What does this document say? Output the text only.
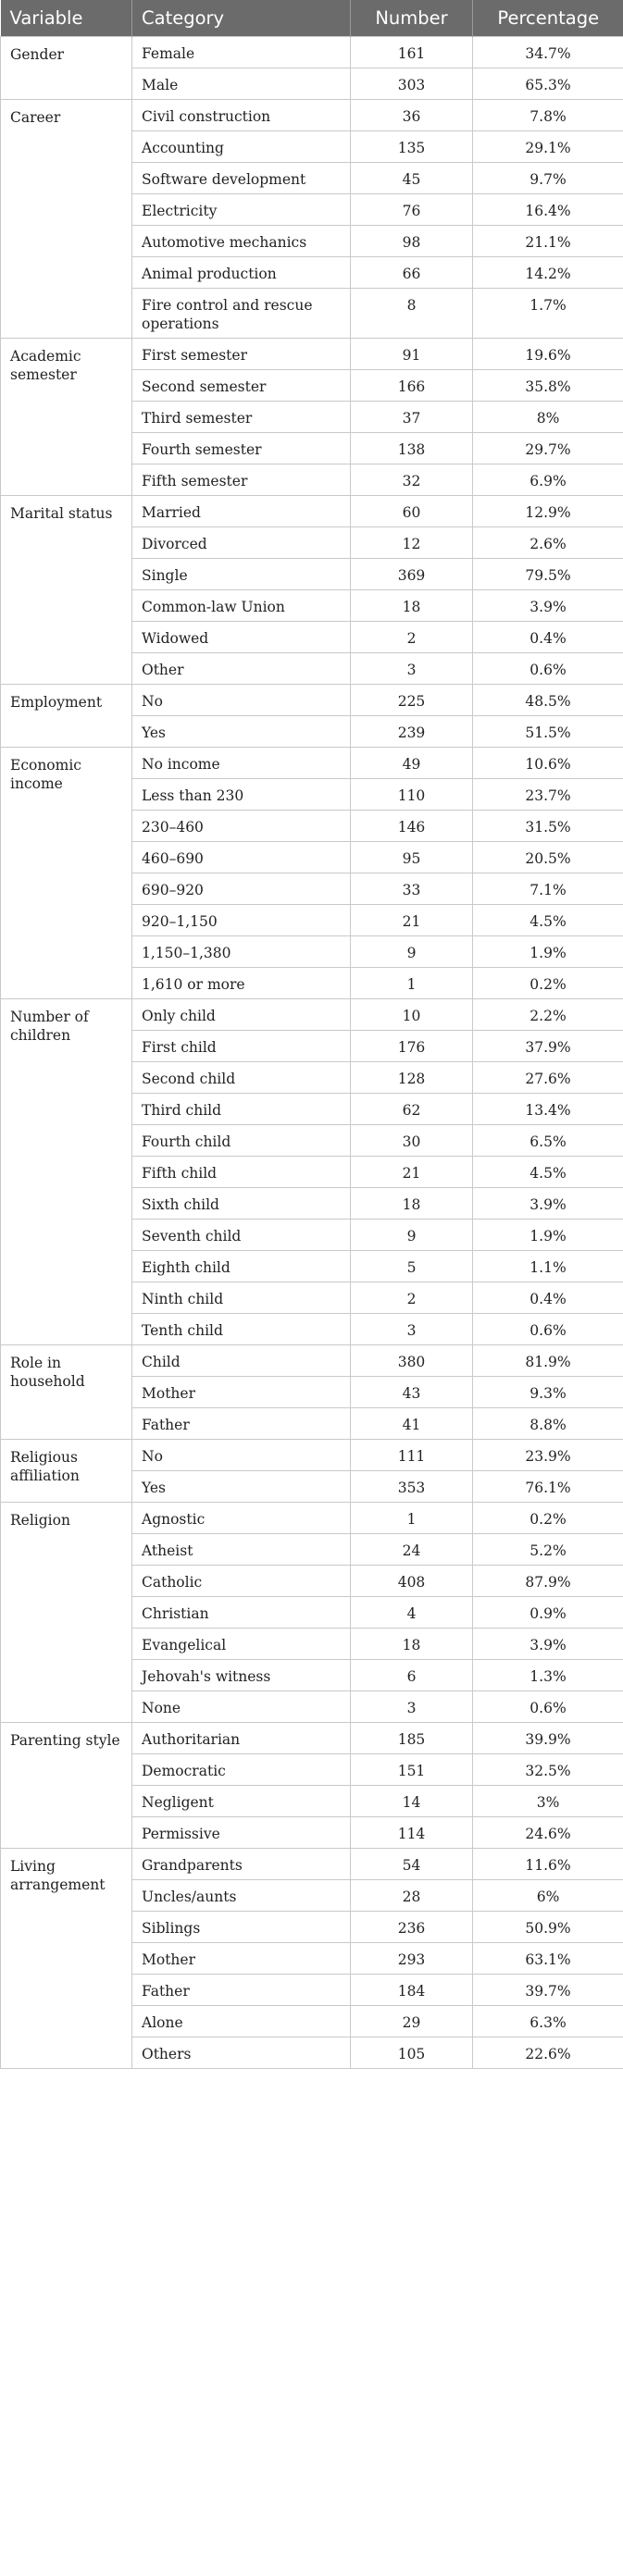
Variable	Category	Number	Percentage
Gender	Female	161	34.7%
	Male	303	65.3%
Career	Civil construction	36	7.8%
	Accounting	135	29.1%
	Software development	45	9.7%
	Electricity	76	16.4%
	Automotive mechanics	98	21.1%
	Animal production	66	14.2%
	Fire control and rescue operations	8	1.7%
Academic semester	First semester	91	19.6%
	Second semester	166	35.8%
	Third semester	37	8%
	Fourth semester	138	29.7%
	Fifth semester	32	6.9%
Marital status	Married	60	12.9%
	Divorced	12	2.6%
	Single	369	79.5%
	Common-law Union	18	3.9%
	Widowed	2	0.4%
	Other	3	0.6%
Employment	No	225	48.5%
	Yes	239	51.5%
Economic income	No income	49	10.6%
	Less than 230	110	23.7%
	230–460	146	31.5%
	460–690	95	20.5%
	690–920	33	7.1%
	920–1,150	21	4.5%
	1,150–1,380	9	1.9%
	1,610 or more	1	0.2%
Number of children	Only child	10	2.2%
	First child	176	37.9%
	Second child	128	27.6%
	Third child	62	13.4%
	Fourth child	30	6.5%
	Fifth child	21	4.5%
	Sixth child	18	3.9%
	Seventh child	9	1.9%
	Eighth child	5	1.1%
	Ninth child	2	0.4%
	Tenth child	3	0.6%
Role in household	Child	380	81.9%
	Mother	43	9.3%
	Father	41	8.8%
Religious affiliation	No	111	23.9%
	Yes	353	76.1%
Religion	Agnostic	1	0.2%
	Atheist	24	5.2%
	Catholic	408	87.9%
	Christian	4	0.9%
	Evangelical	18	3.9%
	Jehovah's witness	6	1.3%
	None	3	0.6%
Parenting style	Authoritarian	185	39.9%
	Democratic	151	32.5%
	Negligent	14	3%
	Permissive	114	24.6%
Living arrangement	Grandparents	54	11.6%
	Uncles/aunts	28	6%
	Siblings	236	50.9%
	Mother	293	63.1%
	Father	184	39.7%
	Alone	29	6.3%
	Others	105	22.6%
